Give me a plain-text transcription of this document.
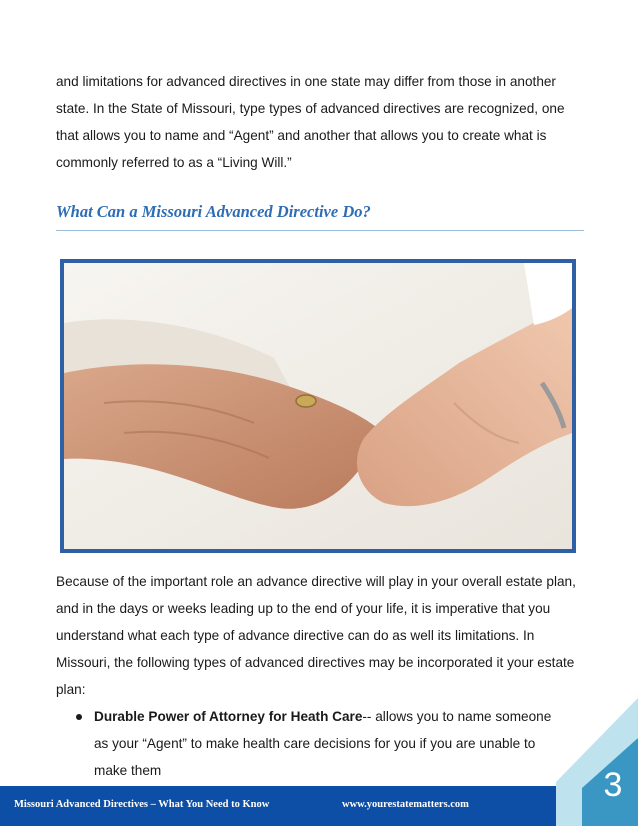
and limitations for advanced directives in one state may differ from those in another
state. In the State of Missouri, type types of advanced directives are recognized, one
that allows you to name and “Agent” and another that allows you to create what is
commonly referred to as a “Living Will.”

What Can a Missouri Advanced Directive Do?

Because of the important role an advance directive will play in your overall estate plan,
and in the days or weeks leading up to the end of your life, it is imperative that you
understand what each type of advance directive can do as well its limitations. In
Missouri, the following types of advanced directives may be incorporated it your estate
plan:

Durable Power of Attorney for Heath Care-- allows you to name someone as your “Agent” to make health care decisions for you if you are unable to make them
Missouri Advanced Directives – What You Need to Know	www.yourestatematters.com
3
